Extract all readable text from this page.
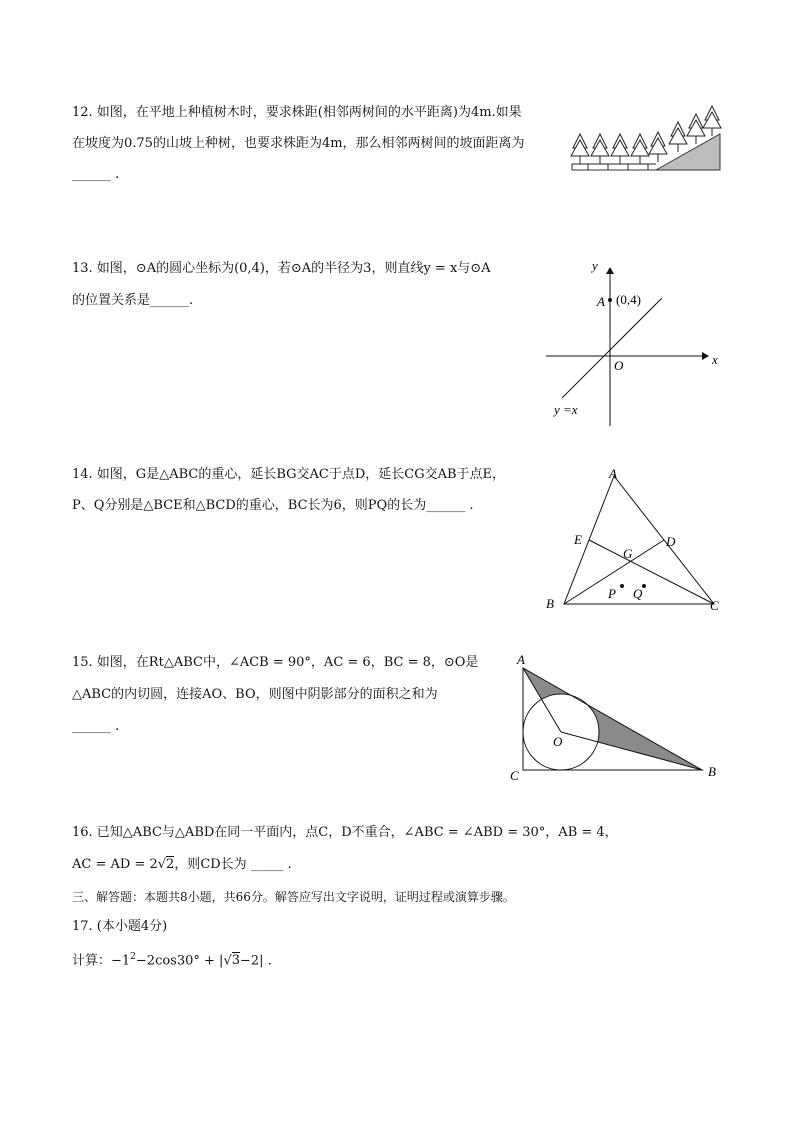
12. 如图，在平地上种植树木时，要求株距(相邻两树间的水平距离)为4m.如果
在坡度为0.75的山坡上种树，也要求株距为4m，那么相邻两树间的坡面距离为
______ .
13. 如图，⊙A的圆心坐标为(0,4)，若⊙A的半径为3，则直线y = x与⊙A
的位置关系是______.
y
x
O
A (0,4)
y =x
14. 如图，G是△ABC的重心，延长BG交AC于点D，延长CG交AB于点E，
P、Q分别是△BCE和△BCD的重心，BC长为6，则PQ的长为______ .
A
B	C
D
E
G
P Q
15. 如图，在Rt△ABC中，∠ACB = 90°，AC = 6，BC = 8，⊙O是
△ABC的内切圆，连接AO、BO，则图中阴影部分的面积之和为
______ .
A
C	B
O
16. 已知△ABC与△ABD在同一平面内，点C，D不重合，∠ABC = ∠ABD = 30°，AB = 4，
AC = AD = 2√2，则CD长为 _____ .
三、解答题：本题共8小题，共66分。解答应写出文字说明，证明过程或演算步骤。
17. (本小题4分)
计算：$-1^2-2\cos 30^\circ + |√3-2|$ .
